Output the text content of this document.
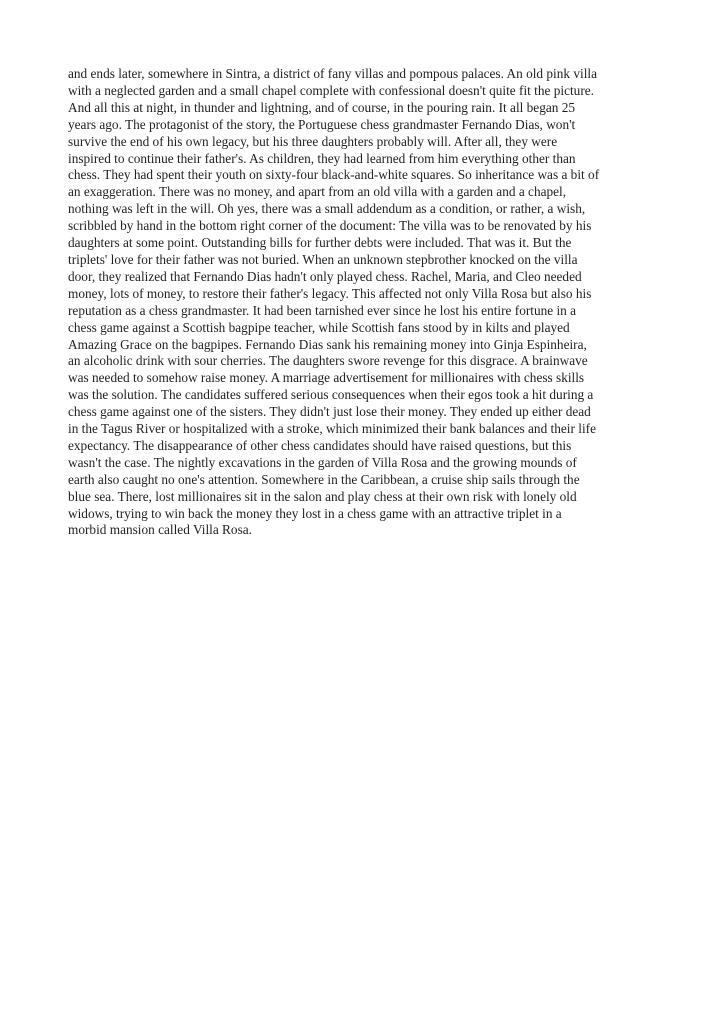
and ends later, somewhere in Sintra, a district of fany villas and pompous palaces. An old pink villa
with a neglected garden and a small chapel complete with confessional doesn't quite fit the picture.
And all this at night, in thunder and lightning, and of course, in the pouring rain. It all began 25
years ago. The protagonist of the story, the Portuguese chess grandmaster Fernando Dias, won't
survive the end of his own legacy, but his three daughters probably will. After all, they were
inspired to continue their father's. As children, they had learned from him everything other than
chess. They had spent their youth on sixty-four black-and-white squares. So inheritance was a bit of
an exaggeration. There was no money, and apart from an old villa with a garden and a chapel,
nothing was left in the will. Oh yes, there was a small addendum as a condition, or rather, a wish,
scribbled by hand in the bottom right corner of the document: The villa was to be renovated by his
daughters at some point. Outstanding bills for further debts were included. That was it. But the
triplets' love for their father was not buried. When an unknown stepbrother knocked on the villa
door, they realized that Fernando Dias hadn't only played chess. Rachel, Maria, and Cleo needed
money, lots of money, to restore their father's legacy. This affected not only Villa Rosa but also his
reputation as a chess grandmaster. It had been tarnished ever since he lost his entire fortune in a
chess game against a Scottish bagpipe teacher, while Scottish fans stood by in kilts and played
Amazing Grace on the bagpipes. Fernando Dias sank his remaining money into Ginja Espinheira,
an alcoholic drink with sour cherries. The daughters swore revenge for this disgrace. A brainwave
was needed to somehow raise money. A marriage advertisement for millionaires with chess skills
was the solution. The candidates suffered serious consequences when their egos took a hit during a
chess game against one of the sisters. They didn't just lose their money. They ended up either dead
in the Tagus River or hospitalized with a stroke, which minimized their bank balances and their life
expectancy. The disappearance of other chess candidates should have raised questions, but this
wasn't the case. The nightly excavations in the garden of Villa Rosa and the growing mounds of
earth also caught no one's attention. Somewhere in the Caribbean, a cruise ship sails through the
blue sea. There, lost millionaires sit in the salon and play chess at their own risk with lonely old
widows, trying to win back the money they lost in a chess game with an attractive triplet in a
morbid mansion called Villa Rosa.
